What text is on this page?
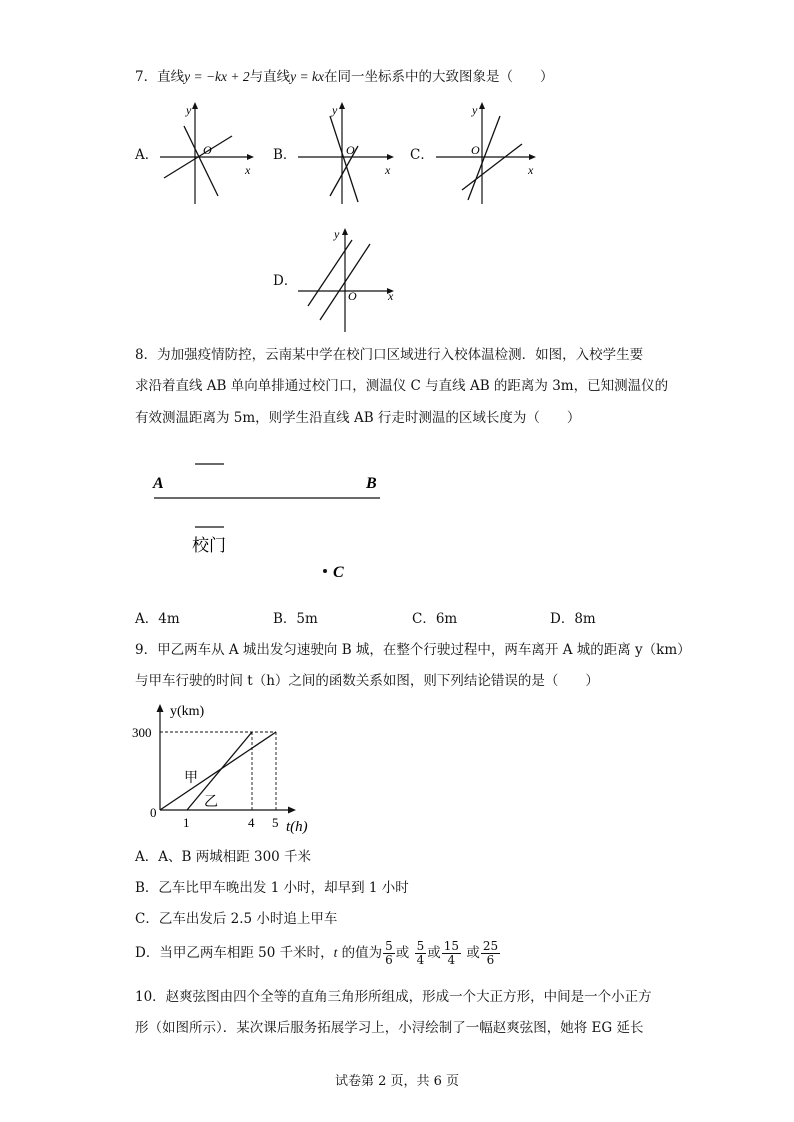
7．直线y = −kx + 2与直线y = kx在同一坐标系中的大致图象是（　　）
A．
y
x
O	B．
y
x
O	C．
y
x
O
D．
y
x
O
8．为加强疫情防控，云南某中学在校门口区域进行入校体温检测．如图，入校学生要
求沿着直线 AB 单向单排通过校门口，测温仪 C 与直线 AB 的距离为 3m，已知测温仪的
有效测温距离为 5m，则学生沿直线 AB 行走时测温的区域长度为（　　）
A	B
校门
C
A．4m	B．5m	C．6m	D．8m
9．甲乙两车从 A 城出发匀速驶向 B 城，在整个行驶过程中，两车离开 A 城的距离 y（km）
与甲车行驶的时间 t（h）之间的函数关系如图，则下列结论错误的是（　　）
y(km)
300
0
1	4 5 t(h)
甲
乙
A．A、B 两城相距 300 千米
B．乙车比甲车晚出发 1 小时，却早到 1 小时
C．乙车出发后 2.5 小时追上甲车
D．当甲乙两车相距 50 千米时，t 的值为 $\frac{5}{6}$ 或 $\frac{5}{4}$ 或 $\frac{15}{4}$ 或 $\frac{25}{6}$
10．赵爽弦图由四个全等的直角三角形所组成，形成一个大正方形，中间是一个小正方
形（如图所示）．某次课后服务拓展学习上，小浔绘制了一幅赵爽弦图，她将 EG 延长
试卷第 2 页，共 6 页
